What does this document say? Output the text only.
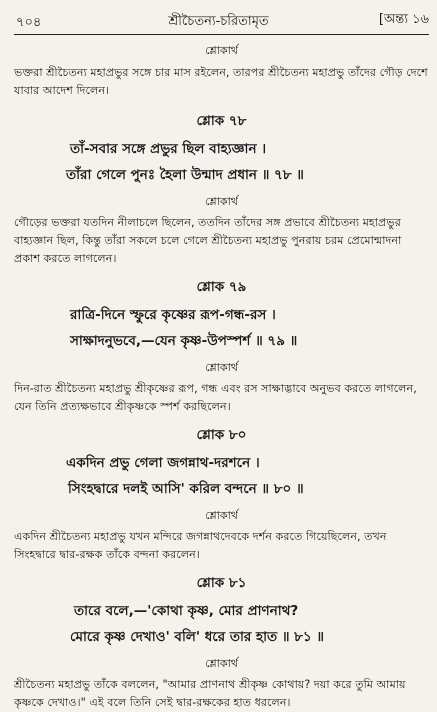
৭০৪	শ্রীচৈতন্য-চরিতামৃত	[অন্ত্য ১৬

শ্লোকার্থ

ভক্তরা শ্রীচৈতন্য মহাপ্রভুর সঙ্গে চার মাস রইলেন, তারপর শ্রীচৈতন্য মহাপ্রভু তাঁদের গৌড় দেশে যাবার আদেশ দিলেন।

শ্লোক ৭৮

তাঁ-সবার সঙ্গে প্রভুর ছিল বাহ্যজ্ঞান ।

তাঁরা গেলে পুনঃ হৈলা উন্মাদ প্রধান ॥ ৭৮ ॥

শ্লোকার্থ

গৌড়ের ভক্তরা যতদিন নীলাচলে ছিলেন, ততদিন তাঁদের সঙ্গ প্রভাবে শ্রীচৈতন্য মহাপ্রভুর বাহ্যজ্ঞান ছিল, কিন্তু তাঁরা সকলে চলে গেলে শ্রীচৈতন্য মহাপ্রভু পুনরায় চরম প্রেমোন্মাদনা প্রকাশ করতে লাগলেন।

শ্লোক ৭৯

রাত্রি-দিনে স্ফুরে কৃষ্ণের রূপ-গন্ধ-রস ।

সাক্ষাদনুভবে,—যেন কৃষ্ণ-উপস্পর্শ ॥ ৭৯ ॥

শ্লোকার্থ

দিন-রাত শ্রীচৈতন্য মহাপ্রভু শ্রীকৃষ্ণের রূপ, গন্ধ এবং রস সাক্ষাদ্ভাবে অনুভব করতে লাগলেন, যেন তিনি প্রত্যক্ষভাবে শ্রীকৃষ্ণকে স্পর্শ করছিলেন।

শ্লোক ৮০

একদিন প্রভু গেলা জগন্নাথ-দরশনে ।

সিংহদ্বারে দলই আসি' করিল বন্দনে ॥ ৮০ ॥

শ্লোকার্থ

একদিন শ্রীচৈতন্য মহাপ্রভু যখন মন্দিরে জগন্নাথদেবকে দর্শন করতে গিয়েছিলেন, তখন সিংহদ্বারে দ্বার-রক্ষক তাঁকে বন্দনা করলেন।

শ্লোক ৮১

তারে বলে,—'কোথা কৃষ্ণ, মোর প্রাণনাথ?

মোরে কৃষ্ণ দেখাও' বলি' ধরে তার হাত ॥ ৮১ ॥

শ্লোকার্থ

শ্রীচৈতন্য মহাপ্রভু তাঁকে বললেন, "আমার প্রাণনাথ শ্রীকৃষ্ণ কোথায়? দয়া করে তুমি আমায় কৃষ্ণকে দেখাও।" এই বলে তিনি সেই দ্বার-রক্ষকের হাত ধরলেন।
